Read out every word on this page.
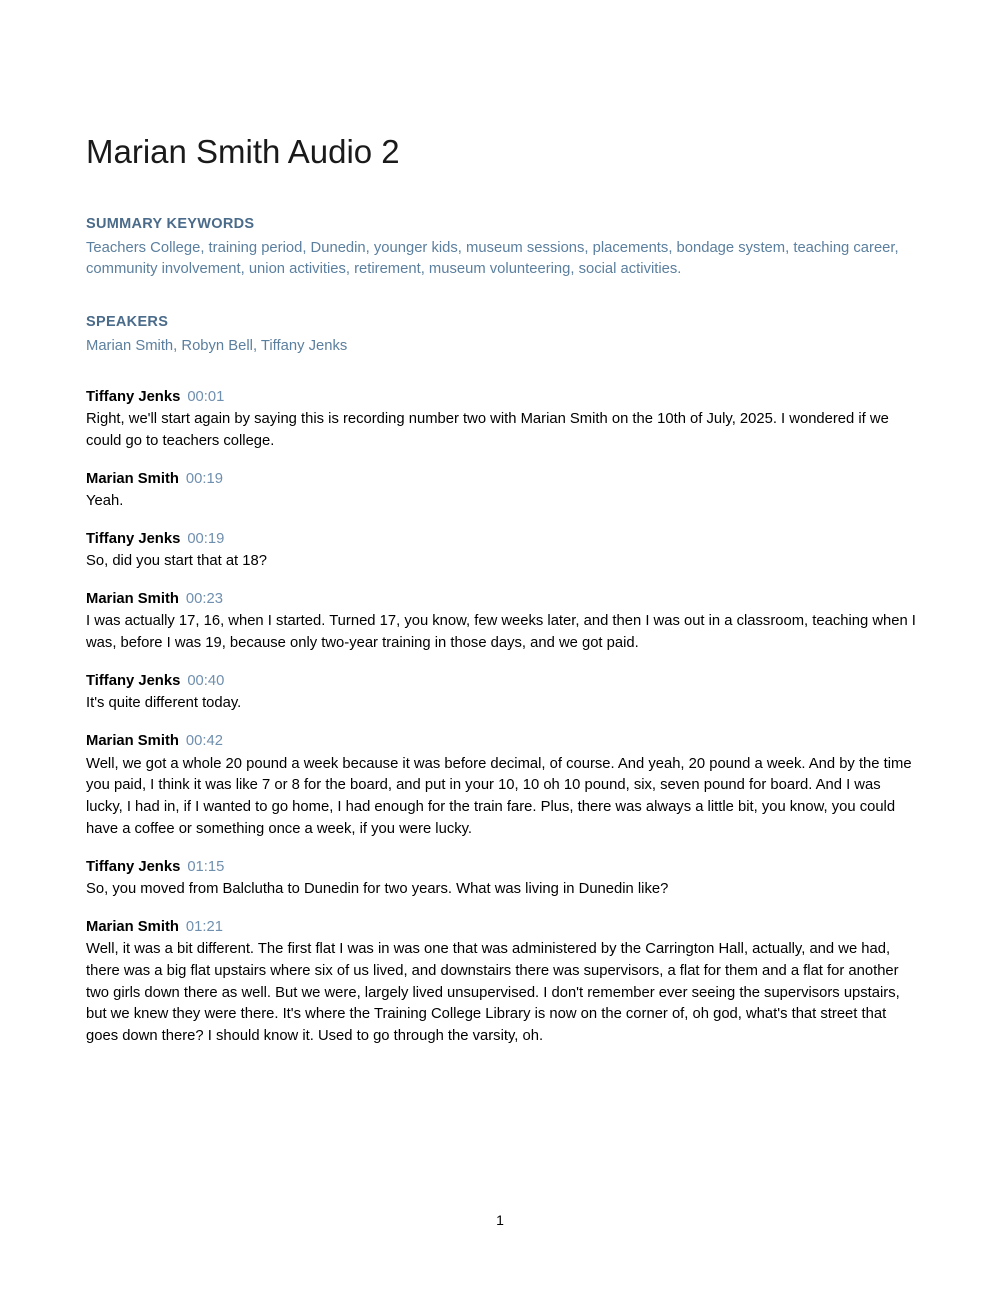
Marian Smith Audio 2
SUMMARY KEYWORDS

Teachers College, training period, Dunedin, younger kids, museum sessions, placements, bondage system, teaching career, community involvement, union activities, retirement, museum volunteering, social activities.

SPEAKERS

Marian Smith, Robyn Bell, Tiffany Jenks

Tiffany Jenks 00:01

Right, we'll start again by saying this is recording number two with Marian Smith on the 10th of July, 2025. I wondered if we could go to teachers college.

Marian Smith 00:19

Yeah.

Tiffany Jenks 00:19

So, did you start that at 18?

Marian Smith 00:23

I was actually 17, 16, when I started. Turned 17, you know, few weeks later, and then I was out in a classroom, teaching when I was, before I was 19, because only two-year training in those days, and we got paid.

Tiffany Jenks 00:40

It's quite different today.

Marian Smith 00:42

Well, we got a whole 20 pound a week because it was before decimal, of course. And yeah, 20 pound a week. And by the time you paid, I think it was like 7 or 8 for the board, and put in your 10, 10 oh 10 pound, six, seven pound for board. And I was lucky, I had in, if I wanted to go home, I had enough for the train fare. Plus, there was always a little bit, you know, you could have a coffee or something once a week, if you were lucky.

Tiffany Jenks 01:15

So, you moved from Balclutha to Dunedin for two years. What was living in Dunedin like?

Marian Smith 01:21

Well, it was a bit different. The first flat I was in was one that was administered by the Carrington Hall, actually, and we had, there was a big flat upstairs where six of us lived, and downstairs there was supervisors, a flat for them and a flat for another two girls down there as well. But we were, largely lived unsupervised. I don't remember ever seeing the supervisors upstairs, but we knew they were there. It's where the Training College Library is now on the corner of, oh god, what's that street that goes down there? I should know it. Used to go through the varsity, oh.

1
